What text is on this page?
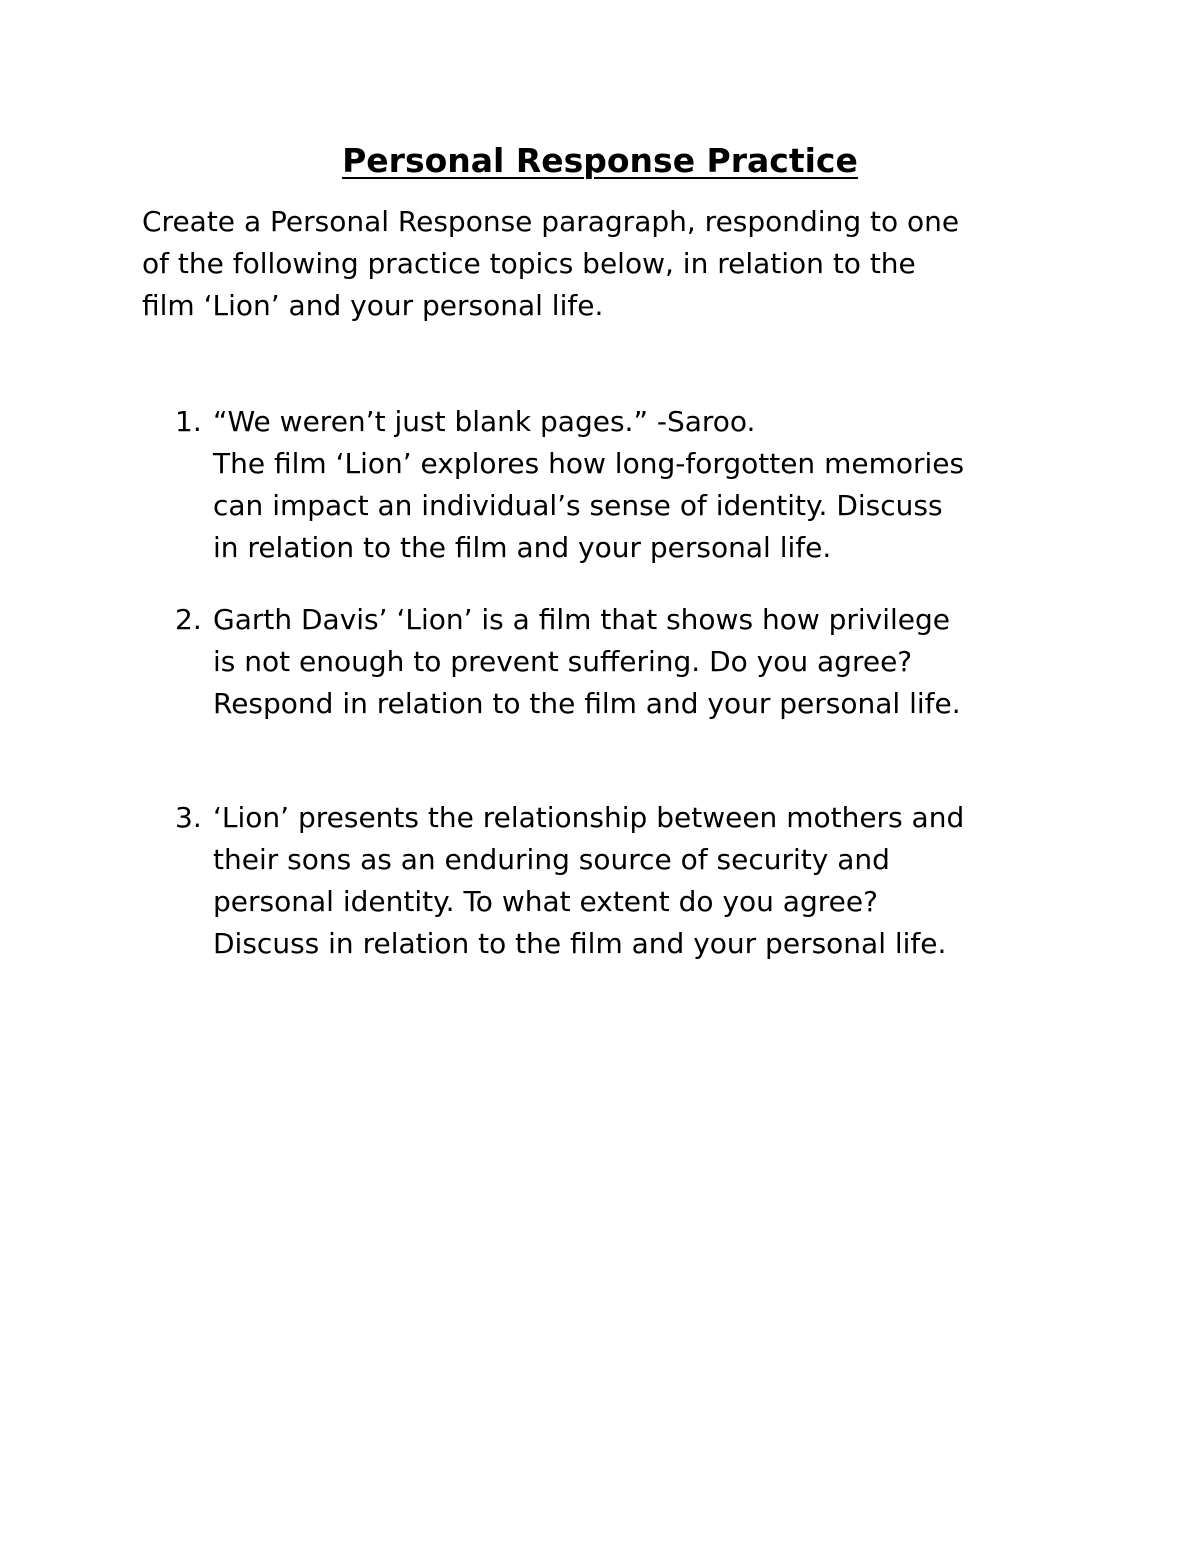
Personal Response Practice

Create a Personal Response paragraph, responding to one
of the following practice topics below, in relation to the
film ‘Lion’ and your personal life.

1. “We weren’t just blank pages.” -Saroo.
The film ‘Lion’ explores how long-forgotten memories
can impact an individual’s sense of identity. Discuss
in relation to the film and your personal life.
2. Garth Davis’ ‘Lion’ is a film that shows how privilege
is not enough to prevent suffering. Do you agree?
Respond in relation to the film and your personal life.
3. ‘Lion’ presents the relationship between mothers and
their sons as an enduring source of security and
personal identity. To what extent do you agree?
Discuss in relation to the film and your personal life.
